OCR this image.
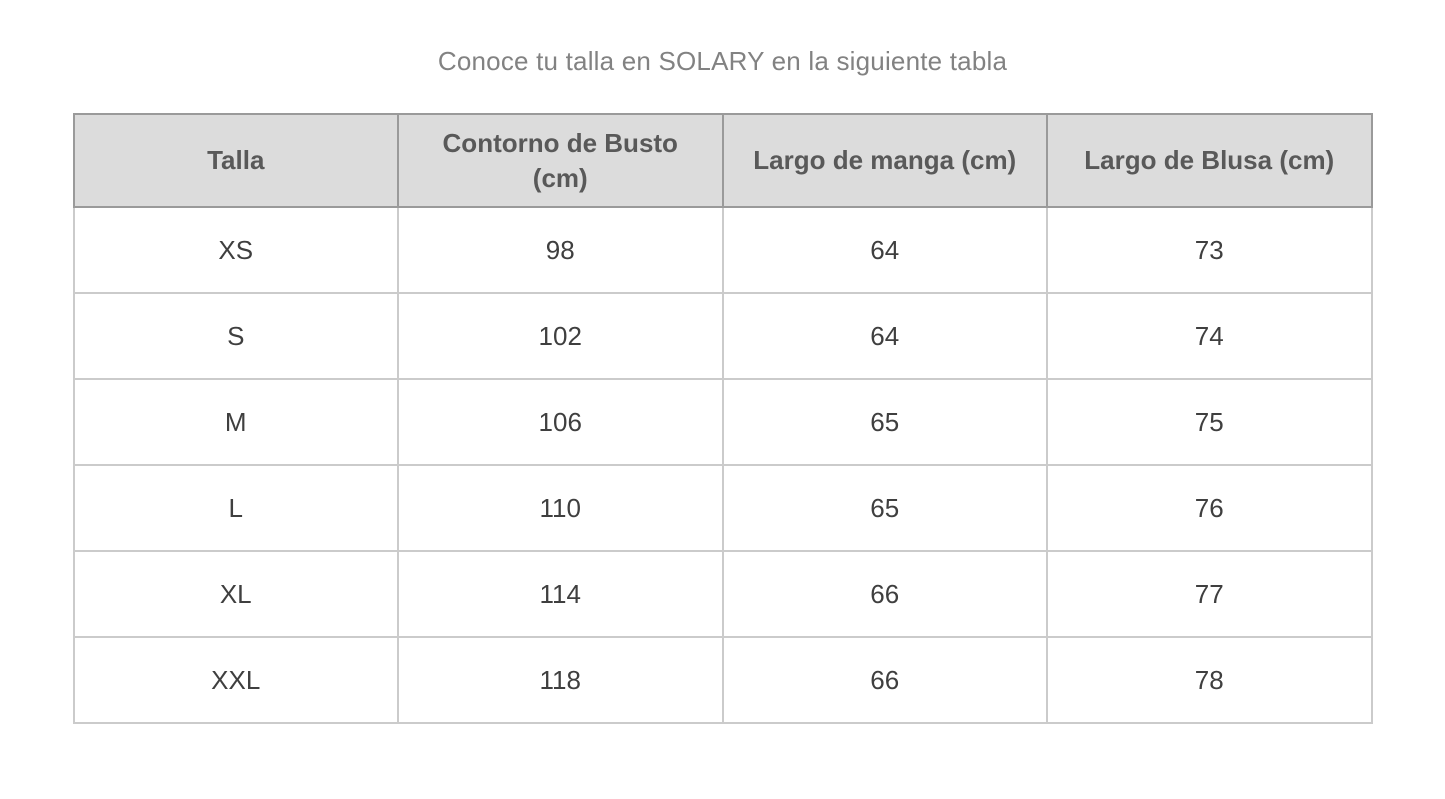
Conoce tu talla en SOLARY en la siguiente tabla
Talla	Contorno de Busto (cm)	Largo de manga (cm)	Largo de Blusa (cm)
XS	98	64	73
S	102	64	74
M	106	65	75
L	110	65	76
XL	114	66	77
XXL	118	66	78
